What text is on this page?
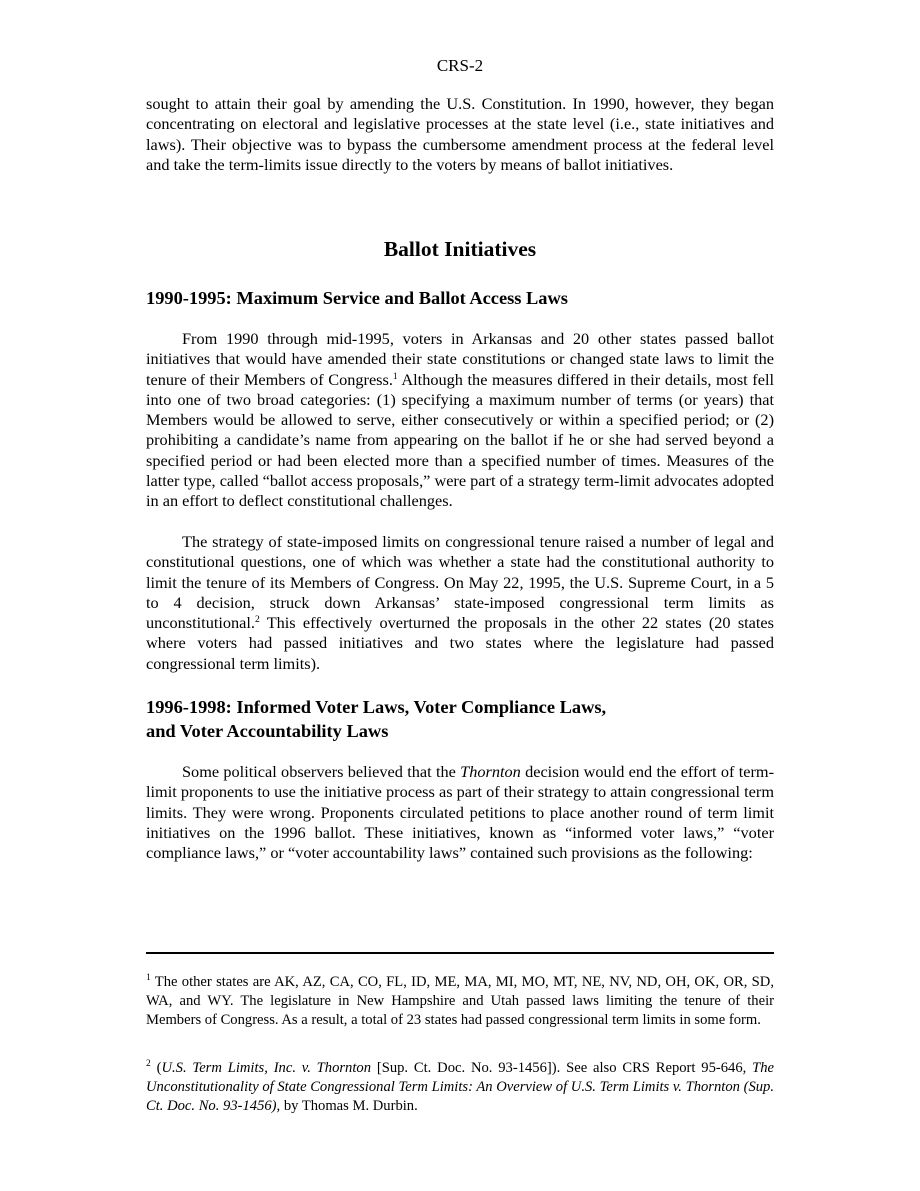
CRS-2

sought to attain their goal by amending the U.S. Constitution. In 1990, however, they began concentrating on electoral and legislative processes at the state level (i.e., state initiatives and laws). Their objective was to bypass the cumbersome amendment process at the federal level and take the term-limits issue directly to the voters by means of ballot initiatives.

Ballot Initiatives
1990-1995: Maximum Service and Ballot Access Laws

From 1990 through mid-1995, voters in Arkansas and 20 other states passed ballot initiatives that would have amended their state constitutions or changed state laws to limit the tenure of their Members of Congress.$^1$ Although the measures differed in their details, most fell into one of two broad categories: (1) specifying a maximum number of terms (or years) that Members would be allowed to serve, either consecutively or within a specified period; or (2) prohibiting a candidate’s name from appearing on the ballot if he or she had served beyond a specified period or had been elected more than a specified number of times. Measures of the latter type, called “ballot access proposals,” were part of a strategy term-limit advocates adopted in an effort to deflect constitutional challenges.

The strategy of state-imposed limits on congressional tenure raised a number of legal and constitutional questions, one of which was whether a state had the constitutional authority to limit the tenure of its Members of Congress. On May 22, 1995, the U.S. Supreme Court, in a 5 to 4 decision, struck down Arkansas’ state-imposed congressional term limits as unconstitutional.$^2$ This effectively overturned the proposals in the other 22 states (20 states where voters had passed initiatives and two states where the legislature had passed congressional term limits).

1996-1998: Informed Voter Laws, Voter Compliance Laws,
and Voter Accountability Laws

Some political observers believed that the Thornton decision would end the effort of term-limit proponents to use the initiative process as part of their strategy to attain congressional term limits. They were wrong. Proponents circulated petitions to place another round of term limit initiatives on the 1996 ballot. These initiatives, known as “informed voter laws,” “voter compliance laws,” or “voter accountability laws” contained such provisions as the following:

$^1$ The other states are AK, AZ, CA, CO, FL, ID, ME, MA, MI, MO, MT, NE, NV, ND, OH, OK, OR, SD, WA, and WY. The legislature in New Hampshire and Utah passed laws limiting the tenure of their Members of Congress. As a result, a total of 23 states had passed congressional term limits in some form.

$^2$ (U.S. Term Limits, Inc. v. Thornton [Sup. Ct. Doc. No. 93-1456]). See also CRS Report 95-646, The Unconstitutionality of State Congressional Term Limits: An Overview of U.S. Term Limits v. Thornton (Sup. Ct. Doc. No. 93-1456), by Thomas M. Durbin.
